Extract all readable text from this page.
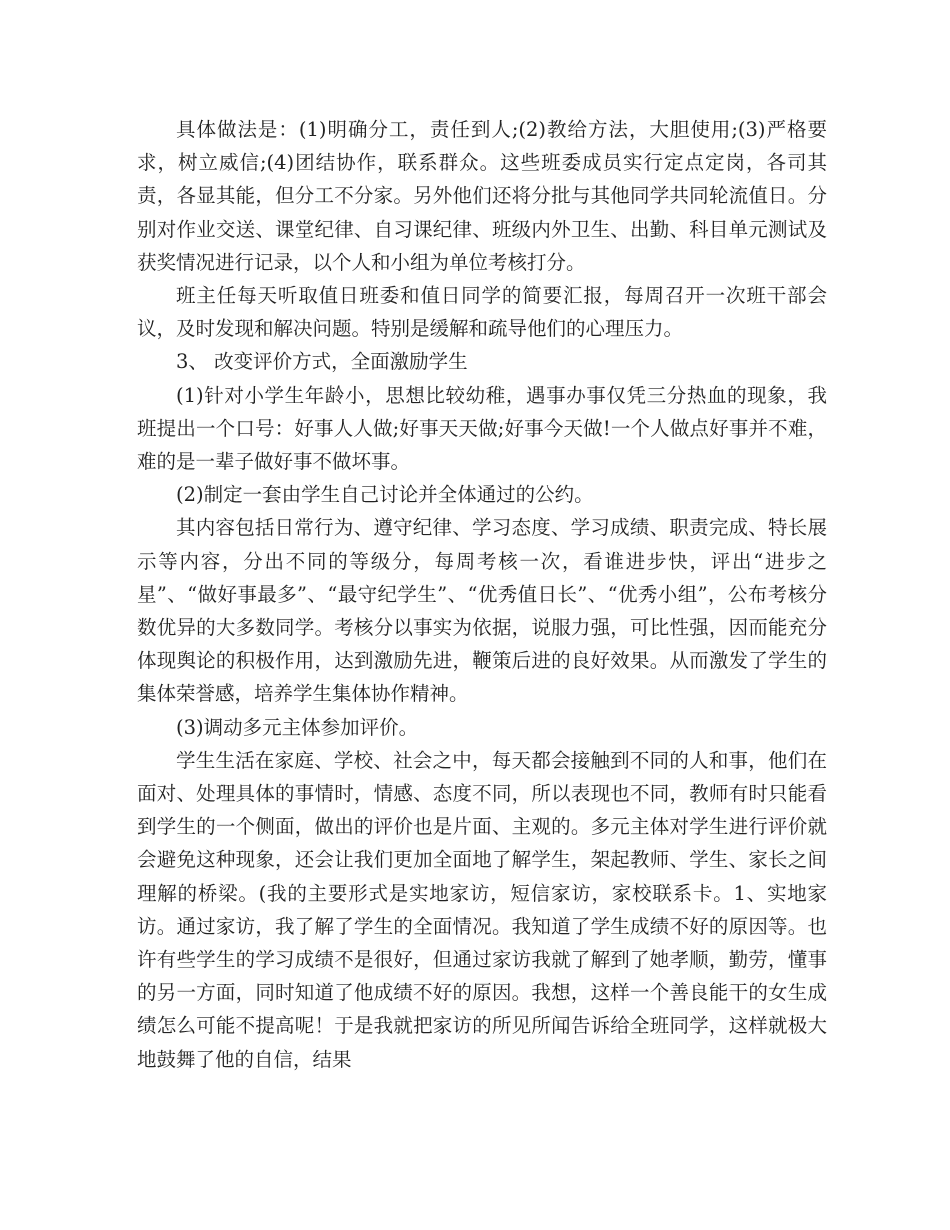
具体做法是：(1)明确分工，责任到人;(2)教给方法，大胆使用;(3)严格要求，树立威信;(4)团结协作，联系群众。这些班委成员实行定点定岗，各司其责，各显其能，但分工不分家。另外他们还将分批与其他同学共同轮流值日。分别对作业交送、课堂纪律、自习课纪律、班级内外卫生、出勤、科目单元测试及获奖情况进行记录，以个人和小组为单位考核打分。

班主任每天听取值日班委和值日同学的简要汇报，每周召开一次班干部会议，及时发现和解决问题。特别是缓解和疏导他们的心理压力。

3、 改变评价方式，全面激励学生

(1)针对小学生年龄小，思想比较幼稚，遇事办事仅凭三分热血的现象，我班提出一个口号：好事人人做;好事天天做;好事今天做!一个人做点好事并不难，难的是一辈子做好事不做坏事。

(2)制定一套由学生自己讨论并全体通过的公约。

其内容包括日常行为、遵守纪律、学习态度、学习成绩、职责完成、特长展示等内容，分出不同的等级分，每周考核一次，看谁进步快，评出“进步之星”、“做好事最多”、“最守纪学生”、“优秀值日长”、“优秀小组”，公布考核分数优异的大多数同学。考核分以事实为依据，说服力强，可比性强，因而能充分体现舆论的积极作用，达到激励先进，鞭策后进的良好效果。从而激发了学生的集体荣誉感，培养学生集体协作精神。

(3)调动多元主体参加评价。

学生生活在家庭、学校、社会之中，每天都会接触到不同的人和事，他们在面对、处理具体的事情时，情感、态度不同，所以表现也不同，教师有时只能看到学生的一个侧面，做出的评价也是片面、主观的。多元主体对学生进行评价就会避免这种现象，还会让我们更加全面地了解学生，架起教师、学生、家长之间理解的桥梁。(我的主要形式是实地家访，短信家访，家校联系卡。1、实地家访。通过家访，我了解了学生的全面情况。我知道了学生成绩不好的原因等。也许有些学生的学习成绩不是很好，但通过家访我就了解到了她孝顺，勤劳，懂事的另一方面，同时知道了他成绩不好的原因。我想，这样一个善良能干的女生成绩怎么可能不提高呢！于是我就把家访的所见所闻告诉给全班同学，这样就极大地鼓舞了他的自信，结果
